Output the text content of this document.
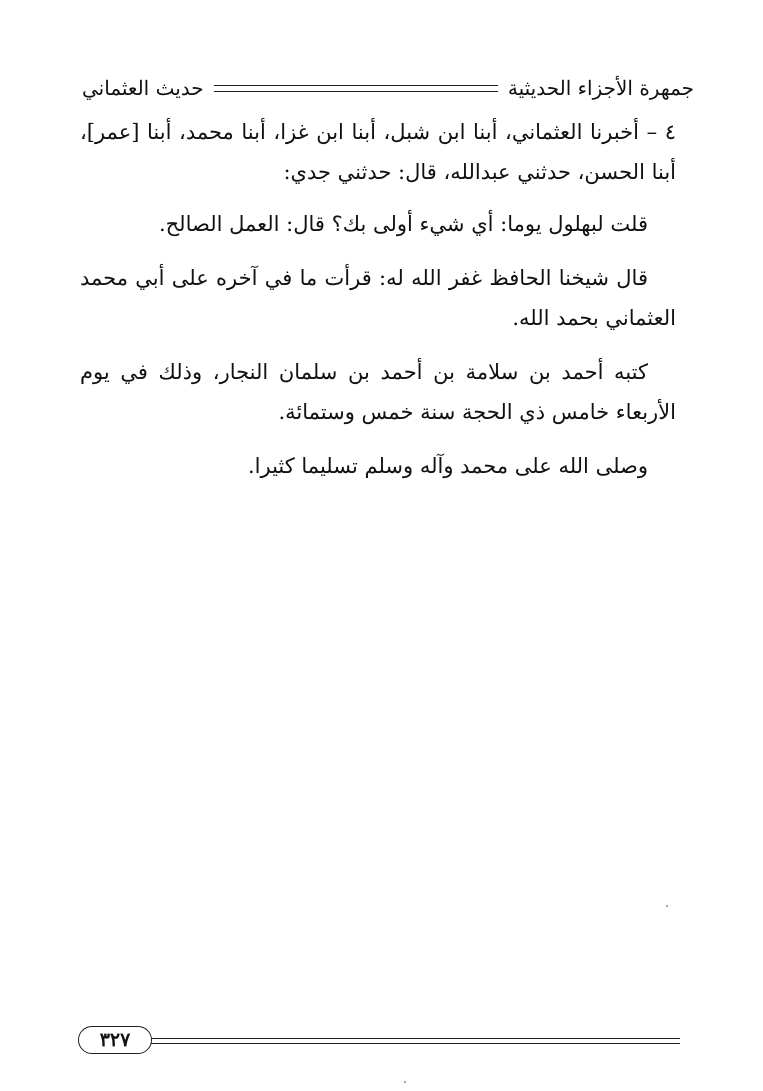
جمهرة الأجزاء الحديثية
حديث العثماني

٤ – أخبرنا العثماني، أبنا ابن شبل، أبنا ابن غزا، أبنا محمد، أبنا [عمر]، أبنا الحسن، حدثني عبدالله، قال: حدثني جدي:

قلت لبهلول يوما: أي شيء أولى بك؟ قال: العمل الصالح.

قال شيخنا الحافظ غفر الله له: قرأت ما في آخره على أبي محمد العثماني بحمد الله.

كتبه أحمد بن سلامة بن أحمد بن سلمان النجار، وذلك في يوم الأربعاء خامس ذي الحجة سنة خمس وستمائة.

وصلى الله على محمد وآله وسلم تسليما كثيرا.

٣٢٧
